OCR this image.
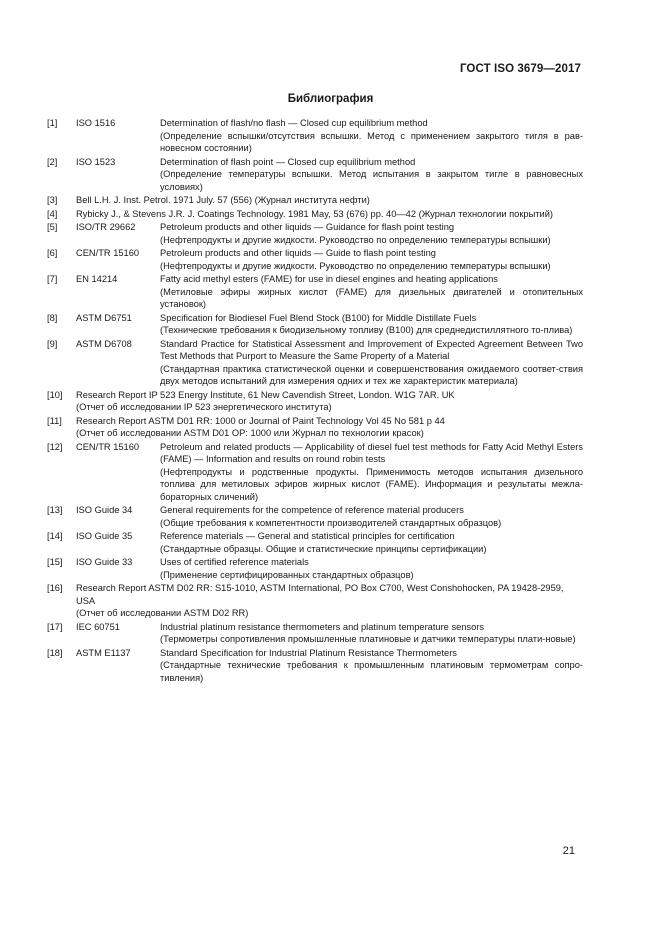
ГОСТ ISO 3679—2017
Библиография
[1]	ISO 1516	Determination of flash/no flash — Closed cup equilibrium method
(Определение вспышки/отсутствия вспышки. Метод с применением закрытого тигля в рав-новесном состоянии)
[2]	ISO 1523	Determination of flash point — Closed cup equilibrium method
(Определение температуры вспышки. Метод испытания в закрытом тигле в равновесных условиях)
[3]	Bell L.H. J. Inst. Petrol. 1971 July. 57 (556) (Журнал института нефти)
[4]	Rybicky J., & Stevens J.R. J. Coatings Technology. 1981 May, 53 (676) pp. 40—42 (Журнал технологии покрытий)
[5]	ISO/TR 29662	Petroleum products and other liquids — Guidance for flash point testing
(Нефтепродукты и другие жидкости. Руководство по определению температуры вспышки)
[6]	CEN/TR 15160	Petroleum products and other liquids — Guide to flash point testing
(Нефтепродукты и другие жидкости. Руководство по определению температуры вспышки)
[7]	EN 14214	Fatty acid methyl esters (FAME) for use in diesel engines and heating applications
(Метиловые эфиры жирных кислот (FAME) для дизельных двигателей и отопительных установок)
[8]	ASTM D6751	Specification for Biodiesel Fuel Blend Stock (B100) for Middle Distillate Fuels
(Технические требования к биодизельному топливу (B100) для среднедистиллятного то-плива)
[9]	ASTM D6708	Standard Practice for Statistical Assessment and Improvement of Expected Agreement Between Two Test Methods that Purport to Measure the Same Property of a Material
(Стандартная практика статистической оценки и совершенствования ожидаемого соответ-ствия двух методов испытаний для измерения одних и тех же характеристик материала)
[10]	Research Report IP 523 Energy Institute, 61 New Cavendish Street, London. W1G 7AR. UK
(Отчет об исследовании IP 523 энергетического института)
[11]	Research Report ASTM D01 RR: 1000 or Journal of Paint Technology Vol 45 No 581 p 44
(Отчет об исследовании ASTM D01 OP: 1000 или Журнал по технологии красок)
[12]	CEN/TR 15160	Petroleum and related products — Applicability of diesel fuel test methods for Fatty Acid Methyl Esters (FAME) — Information and results on round robin tests
(Нефтепродукты и родственные продукты. Применимость методов испытания дизельного топлива для метиловых эфиров жирных кислот (FAME). Информация и результаты межла-бораторных сличений)
[13]	ISO Guide 34	General requirements for the competence of reference material producers
(Общие требования к компетентности производителей стандартных образцов)
[14]	ISO Guide 35	Reference materials — General and statistical principles for certification
(Стандартные образцы. Общие и статистические принципы сертификации)
[15]	ISO Guide 33	Uses of certified reference materials
(Применение сертифицированных стандартных образцов)
[16]	Research Report ASTM D02 RR: S15-1010, ASTM International, PO Box C700, West Conshohocken, PA 19428-2959, USA
(Отчет об исследовании ASTM D02 RR)
[17]	IEC 60751	Industrial platinum resistance thermometers and platinum temperature sensors
(Термометры сопротивления промышленные платиновые и датчики температуры плати-новые)
[18]	ASTM E1137	Standard Specification for Industrial Platinum Resistance Thermometers
(Стандартные технические требования к промышленным платиновым термометрам сопро-тивления)
21
